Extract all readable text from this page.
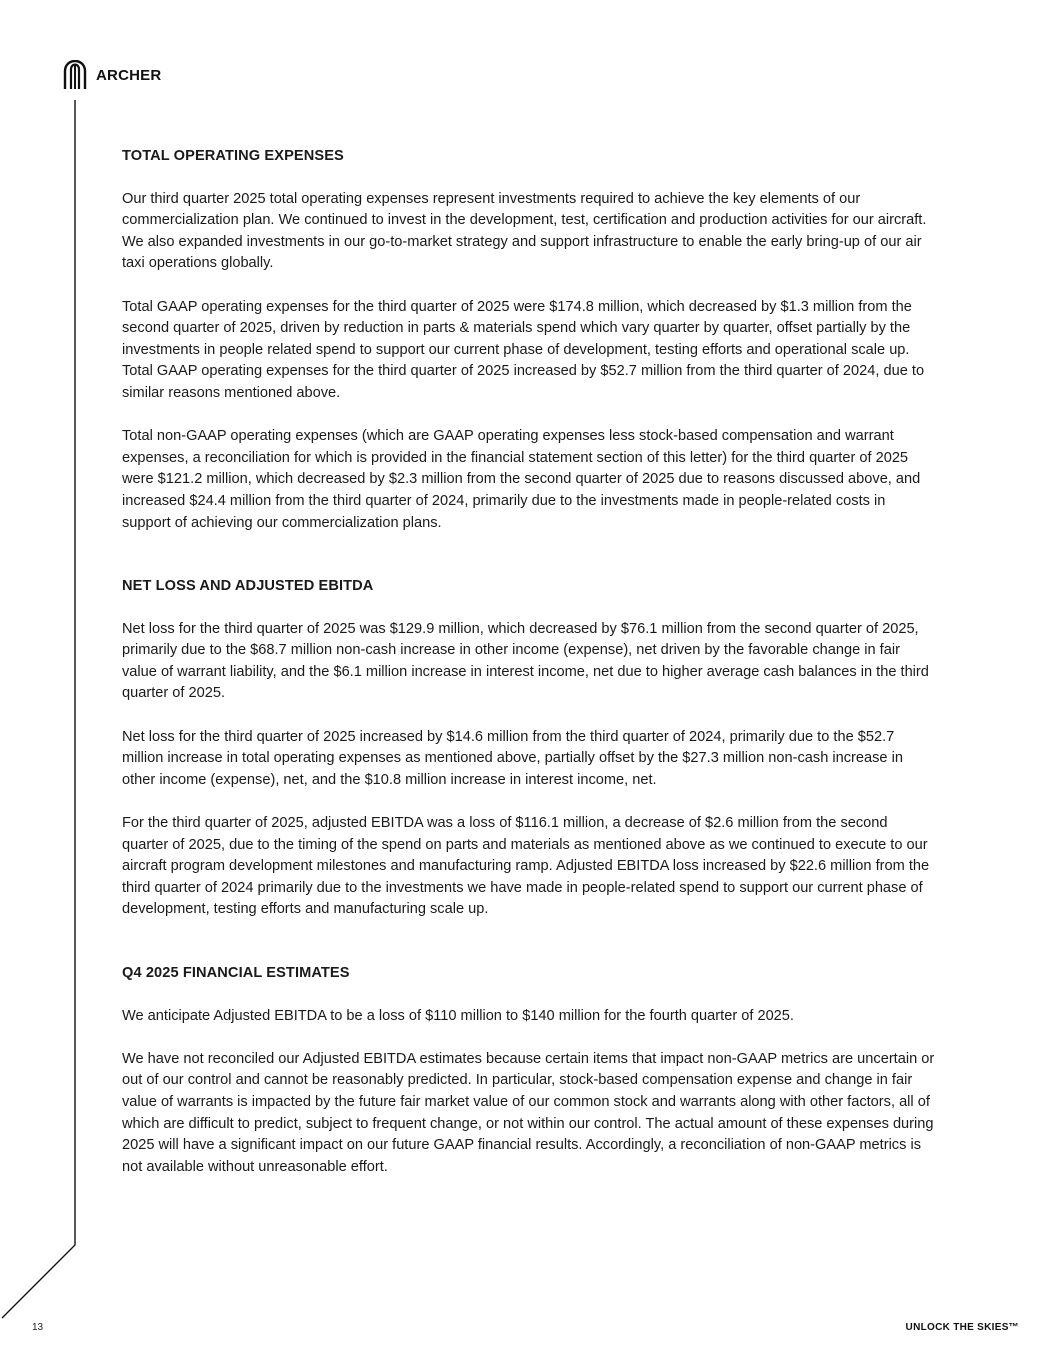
ARCHER
TOTAL OPERATING EXPENSES

Our third quarter 2025 total operating expenses represent investments required to achieve the key elements of our commercialization plan. We continued to invest in the development, test, certification and production activities for our aircraft. We also expanded investments in our go-to-market strategy and support infrastructure to enable the early bring-up of our air taxi operations globally.

Total GAAP operating expenses for the third quarter of 2025 were $174.8 million, which decreased by $1.3 million from the second quarter of 2025, driven by reduction in parts & materials spend which vary quarter by quarter, offset partially by the investments in people related spend to support our current phase of development, testing efforts and operational scale up. Total GAAP operating expenses for the third quarter of 2025 increased by $52.7 million from the third quarter of 2024, due to similar reasons mentioned above.

Total non-GAAP operating expenses (which are GAAP operating expenses less stock-based compensation and warrant expenses, a reconciliation for which is provided in the financial statement section of this letter) for the third quarter of 2025 were $121.2 million, which decreased by $2.3 million from the second quarter of 2025 due to reasons discussed above, and increased $24.4 million from the third quarter of 2024, primarily due to the investments made in people-related costs in support of achieving our commercialization plans.

NET LOSS AND ADJUSTED EBITDA

Net loss for the third quarter of 2025 was $129.9 million, which decreased by $76.1 million from the second quarter of 2025, primarily due to the $68.7 million non-cash increase in other income (expense), net driven by the favorable change in fair value of warrant liability, and the $6.1 million increase in interest income, net due to higher average cash balances in the third quarter of 2025.

Net loss for the third quarter of 2025 increased by $14.6 million from the third quarter of 2024, primarily due to the $52.7 million increase in total operating expenses as mentioned above, partially offset by the $27.3 million non-cash increase in other income (expense), net, and the $10.8 million increase in interest income, net.

For the third quarter of 2025, adjusted EBITDA was a loss of $116.1 million, a decrease of $2.6 million from the second quarter of 2025, due to the timing of the spend on parts and materials as mentioned above as we continued to execute to our aircraft program development milestones and manufacturing ramp. Adjusted EBITDA loss increased by $22.6 million from the third quarter of 2024 primarily due to the investments we have made in people-related spend to support our current phase of development, testing efforts and manufacturing scale up.

Q4 2025 FINANCIAL ESTIMATES

We anticipate Adjusted EBITDA to be a loss of $110 million to $140 million for the fourth quarter of 2025.

We have not reconciled our Adjusted EBITDA estimates because certain items that impact non-GAAP metrics are uncertain or out of our control and cannot be reasonably predicted. In particular, stock-based compensation expense and change in fair value of warrants is impacted by the future fair market value of our common stock and warrants along with other factors, all of which are difficult to predict, subject to frequent change, or not within our control. The actual amount of these expenses during 2025 will have a significant impact on our future GAAP financial results. Accordingly, a reconciliation of non-GAAP metrics is not available without unreasonable effort.

13	UNLOCK THE SKIES™
